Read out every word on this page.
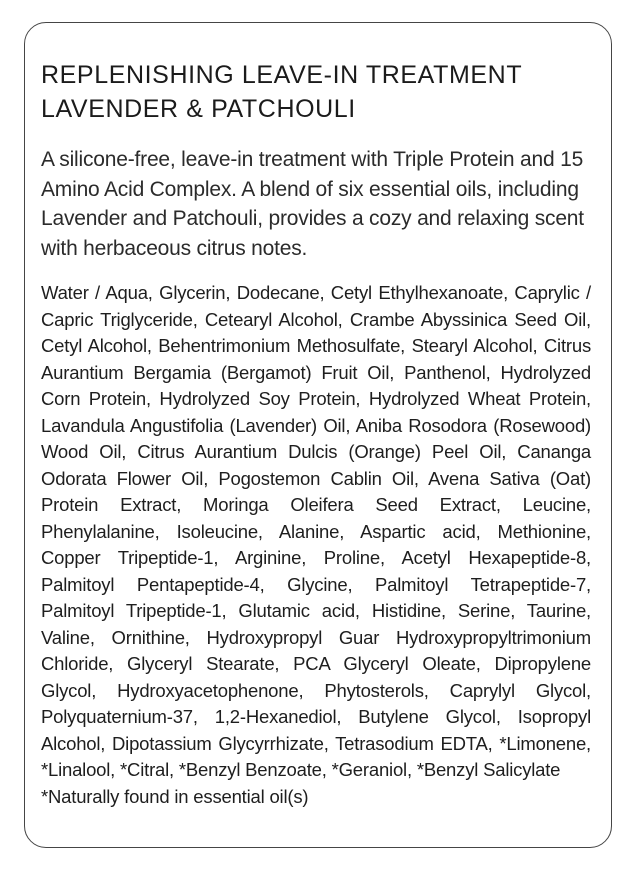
REPLENISHING LEAVE-IN TREATMENT
LAVENDER & PATCHOULI

A silicone-free, leave-in treatment with Triple Protein and 15 Amino Acid Complex. A blend of six essential oils, including Lavender and Patchouli, provides a cozy and relaxing scent with herbaceous citrus notes.

Water / Aqua, Glycerin, Dodecane, Cetyl Ethylhexanoate, Caprylic / Capric Triglyceride, Cetearyl Alcohol, Crambe Abyssinica Seed Oil, Cetyl Alcohol, Behentrimonium Methosulfate, Stearyl Alcohol, Citrus Aurantium Bergamia (Bergamot) Fruit Oil, Panthenol, Hydrolyzed Corn Protein, Hydrolyzed Soy Protein, Hydrolyzed Wheat Protein, Lavandula Angustifolia (Lavender) Oil, Aniba Rosodora (Rosewood) Wood Oil, Citrus Aurantium Dulcis (Orange) Peel Oil, Cananga Odorata Flower Oil, Pogostemon Cablin Oil, Avena Sativa (Oat) Protein Extract, Moringa Oleifera Seed Extract, Leucine, Phenylalanine, Isoleucine, Alanine, Aspartic acid, Methionine, Copper Tripeptide-1, Arginine, Proline, Acetyl Hexapeptide-8, Palmitoyl Pentapeptide-4, Glycine, Palmitoyl Tetrapeptide-7, Palmitoyl Tripeptide-1, Glutamic acid, Histidine, Serine, Taurine, Valine, Ornithine, Hydroxypropyl Guar Hydroxypropyltrimonium Chloride, Glyceryl Stearate, PCA Glyceryl Oleate, Dipropylene Glycol, Hydroxyacetophenone, Phytosterols, Caprylyl Glycol, Polyquaternium-37, 1,2-Hexanediol, Butylene Glycol, Isopropyl Alcohol, Dipotassium Glycyrrhizate, Tetrasodium EDTA, *Limonene, *Linalool, *Citral, *Benzyl Benzoate, *Geraniol, *Benzyl Salicylate

*Naturally found in essential oil(s)
